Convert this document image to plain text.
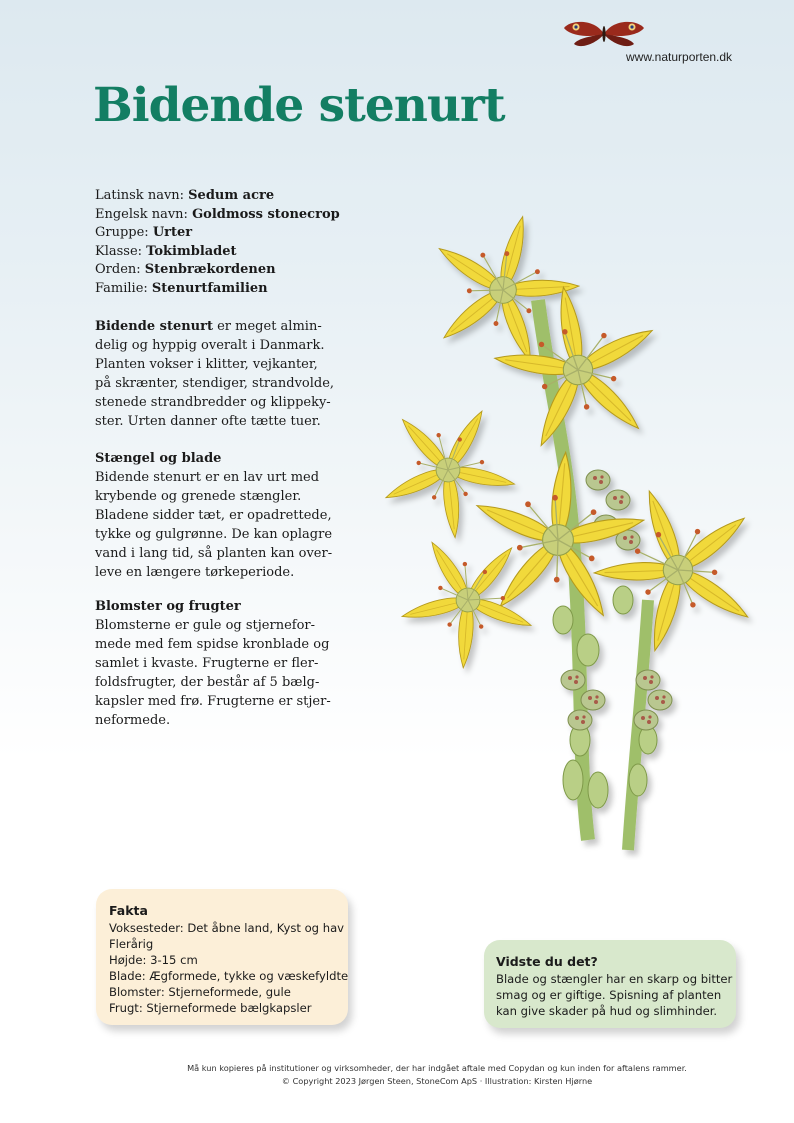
www.naturporten.dk
Bidende stenurt
Latinsk navn: Sedum acre
Engelsk navn: Goldmoss stonecrop
Gruppe: Urter
Klasse: Tokimbladet
Orden: Stenbrækordenen
Familie: Stenurtfamilien

Bidende stenurt er meget almin-

delig og hyppig overalt i Danmark.

Planten vokser i klitter, vejkanter,

på skrænter, stendiger, strandvolde,

stenede strandbredder og klippeky-

ster. Urten danner ofte tætte tuer.

Stængel og blade

Bidende stenurt er en lav urt med

krybende og grenede stængler.

Bladene sidder tæt, er opadrettede,

tykke og gulgrønne. De kan oplagre

vand i lang tid, så planten kan over-

leve en længere tørkeperiode.

Blomster og frugter

Blomsterne er gule og stjernefor-

mede med fem spidse kronblade og

samlet i kvaste. Frugterne er fler-

foldsfrugter, der består af 5 bælg-

kapsler med frø. Frugterne er stjer-

neformede.

Fakta
Voksesteder: Det åbne land, Kyst og hav
Flerårig
Højde: 3-15 cm
Blade: Ægformede, tykke og væskefyldte
Blomster: Stjerneformede, gule
Frugt: Stjerneformede bælgkapsler
Vidste du det?
Blade og stængler har en skarp og bitter
smag og er giftige. Spisning af planten
kan give skader på hud og slimhinder.
Må kun kopieres på institutioner og virksomheder, der har indgået aftale med Copydan og kun inden for aftalens rammer.
© Copyright 2023 Jørgen Steen, StoneCom ApS · Illustration: Kirsten Hjørne
